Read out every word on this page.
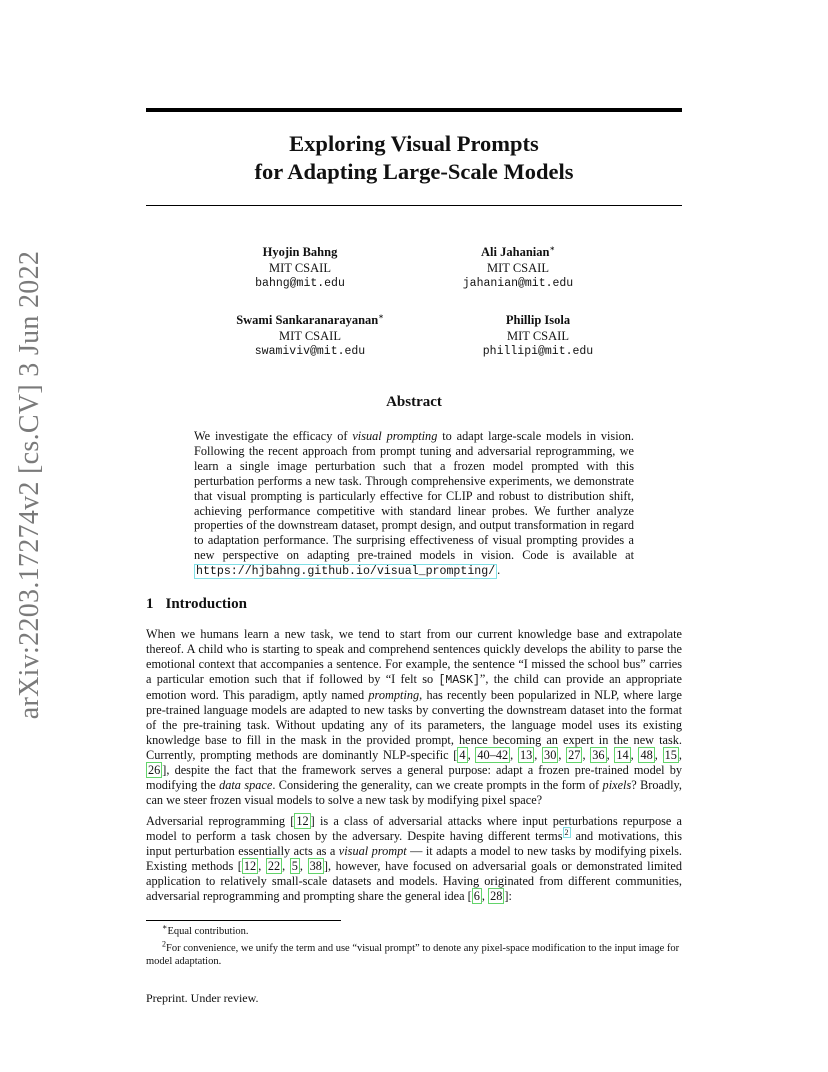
arXiv:2203.17274v2 [cs.CV] 3 Jun 2022
Exploring Visual Prompts
for Adapting Large-Scale Models
Hyojin Bahng
MIT CSAIL
bahng@mit.edu
Ali Jahanian∗
MIT CSAIL
jahanian@mit.edu
Swami Sankaranarayanan∗
MIT CSAIL
swamiviv@mit.edu
Phillip Isola
MIT CSAIL
phillipi@mit.edu
Abstract

We investigate the efficacy of visual prompting to adapt large-scale models in vision. Following the recent approach from prompt tuning and adversarial reprogramming, we learn a single image perturbation such that a frozen model prompted with this perturbation performs a new task. Through comprehensive experiments, we demonstrate that visual prompting is particularly effective for CLIP and robust to distribution shift, achieving performance competitive with standard linear probes. We further analyze properties of the downstream dataset, prompt design, and output transformation in regard to adaptation performance. The surprising effectiveness of visual prompting provides a new perspective on adapting pre-trained models in vision. Code is available at https://hjbahng.github.io/visual_prompting/ .

1 Introduction

When we humans learn a new task, we tend to start from our current knowledge base and extrapolate thereof. A child who is starting to speak and comprehend sentences quickly develops the ability to parse the emotional context that accompanies a sentence. For example, the sentence “I missed the school bus” carries a particular emotion such that if followed by “I felt so [MASK]”, the child can provide an appropriate emotion word. This paradigm, aptly named prompting, has recently been popularized in NLP, where large pre-trained language models are adapted to new tasks by converting the downstream dataset into the format of the pre-training task. Without updating any of its parameters, the language model uses its existing knowledge base to fill in the mask in the provided prompt, hence becoming an expert in the new task. Currently, prompting methods are dominantly NLP-specific [ 4 , 40–42 , 13 , 30 , 27 , 36 , 14 , 48 , 15 , 26 ], despite the fact that the framework serves a general purpose: adapt a frozen pre-trained model by modifying the data space. Considering the generality, can we create prompts in the form of pixels? Broadly, can we steer frozen visual models to solve a new task by modifying pixel space?

Adversarial reprogramming [ 12 ] is a class of adversarial attacks where input perturbations repurpose a model to perform a task chosen by the adversary. Despite having different terms $^2$ and motivations, this input perturbation essentially acts as a visual prompt — it adapts a model to new tasks by modifying pixels. Existing methods [ 12 , 22 , 5 , 38 ], however, have focused on adversarial goals or demonstrated limited application to relatively small-scale datasets and models. Having originated from different communities, adversarial reprogramming and prompting share the general idea [ 6 , 28 ]:

∗Equal contribution.

$^2$For convenience, we unify the term and use “visual prompt” to denote any pixel-space modification to the input image for model adaptation.

Preprint. Under review.
